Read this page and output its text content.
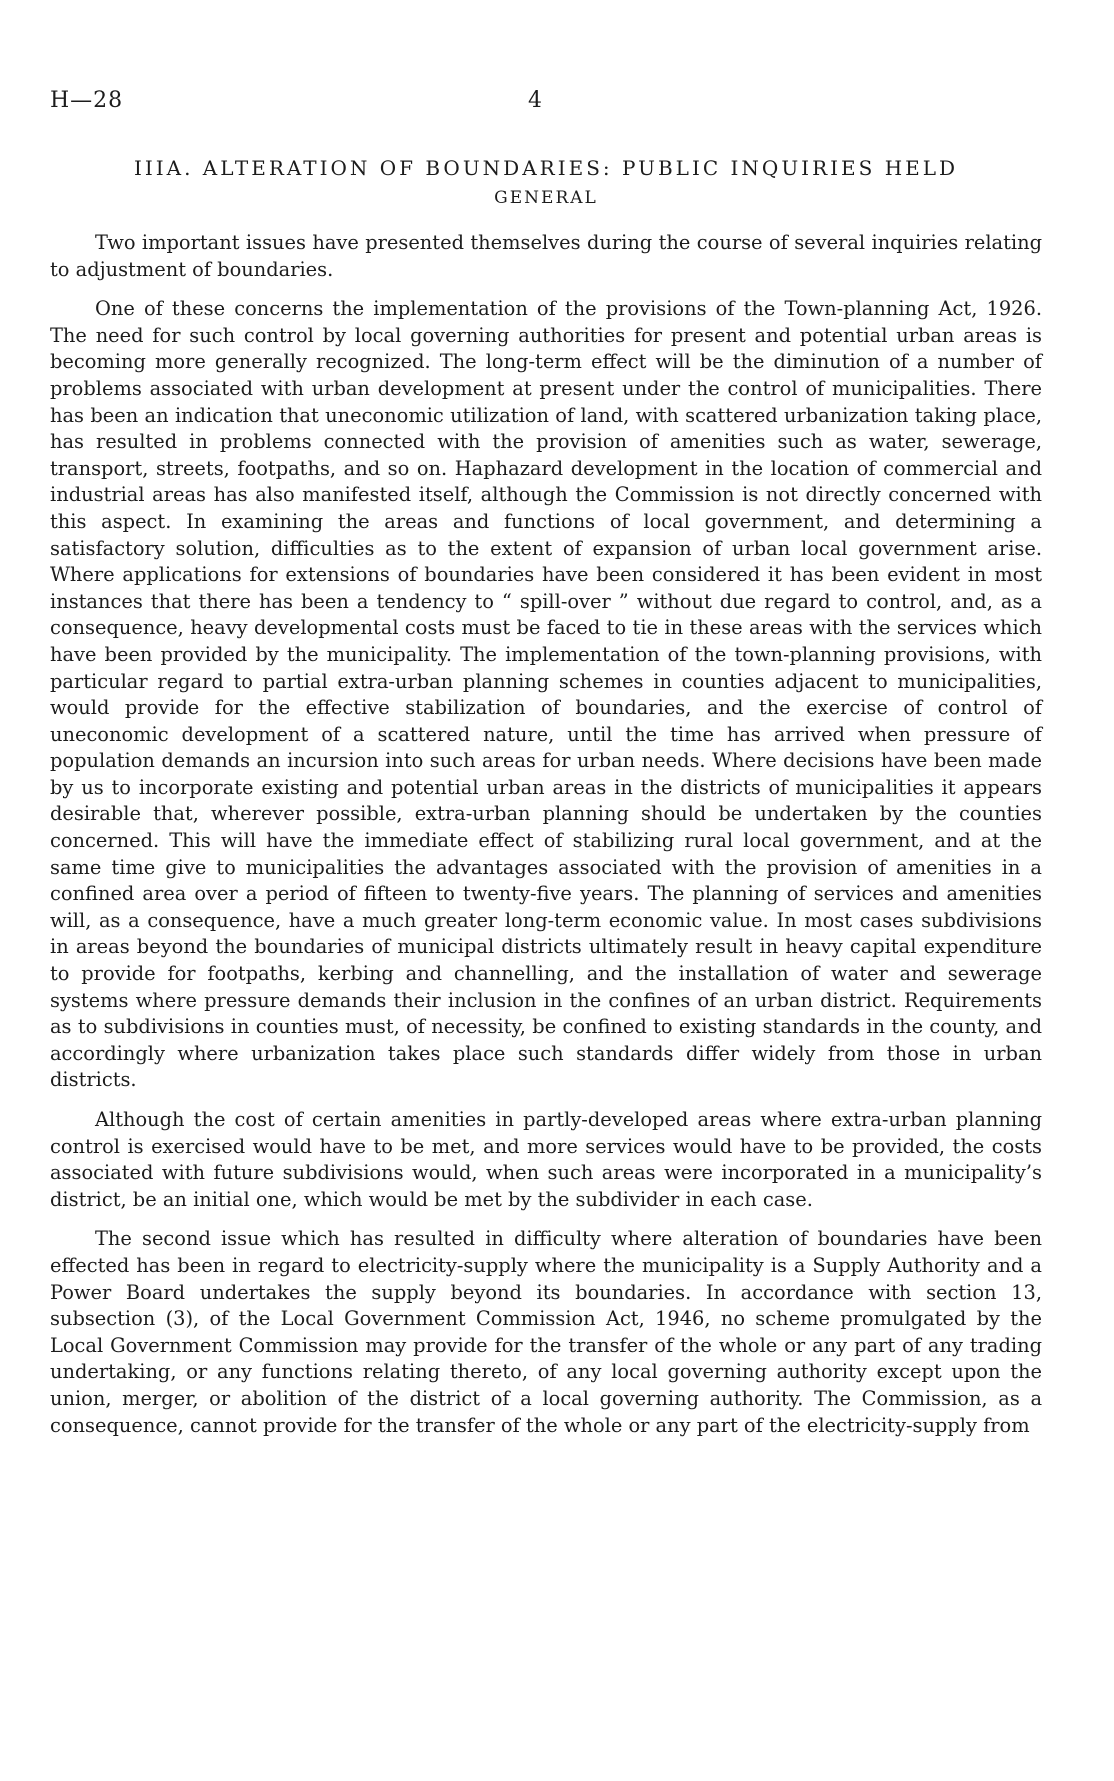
H—28	4
IIIA. ALTERATION OF BOUNDARIES: PUBLIC INQUIRIES HELD
GENERAL

Two important issues have presented themselves during the course of several inquiries relating to adjustment of boundaries.

One of these concerns the implementation of the provisions of the Town-planning Act, 1926. The need for such control by local governing authorities for present and potential urban areas is becoming more generally recognized. The long-term effect will be the diminution of a number of problems associated with urban development at present under the control of municipalities. There has been an indication that uneconomic utilization of land, with scattered urbanization taking place, has resulted in problems connected with the provision of amenities such as water, sewerage, transport, streets, footpaths, and so on. Haphazard development in the location of commercial and industrial areas has also manifested itself, although the Commission is not directly concerned with this aspect. In examining the areas and functions of local government, and determining a satisfactory solution, difficulties as to the extent of expansion of urban local government arise. Where applications for extensions of boundaries have been considered it has been evident in most instances that there has been a tendency to “ spill-over ” without due regard to control, and, as a consequence, heavy developmental costs must be faced to tie in these areas with the services which have been provided by the municipality. The implementation of the town-planning provisions, with particular regard to partial extra-urban planning schemes in counties adjacent to municipalities, would provide for the effective stabilization of boundaries, and the exercise of control of uneconomic development of a scattered nature, until the time has arrived when pressure of population demands an incursion into such areas for urban needs. Where decisions have been made by us to incorporate existing and potential urban areas in the districts of municipalities it appears desirable that, wherever possible, extra-urban planning should be undertaken by the counties concerned. This will have the immediate effect of stabilizing rural local government, and at the same time give to municipalities the advantages associated with the provision of amenities in a confined area over a period of fifteen to twenty-five years. The planning of services and amenities will, as a consequence, have a much greater long-term economic value. In most cases subdivisions in areas beyond the boundaries of municipal districts ultimately result in heavy capital expenditure to provide for footpaths, kerbing and channelling, and the installation of water and sewerage systems where pressure demands their inclusion in the confines of an urban district. Requirements as to subdivisions in counties must, of necessity, be confined to existing standards in the county, and accordingly where urbanization takes place such standards differ widely from those in urban districts.

Although the cost of certain amenities in partly-developed areas where extra-urban planning control is exercised would have to be met, and more services would have to be provided, the costs associated with future subdivisions would, when such areas were incorporated in a municipality’s district, be an initial one, which would be met by the subdivider in each case.

The second issue which has resulted in difficulty where alteration of boundaries have been effected has been in regard to electricity-supply where the municipality is a Supply Authority and a Power Board undertakes the supply beyond its boundaries. In accordance with section 13, subsection (3), of the Local Government Commission Act, 1946, no scheme promulgated by the Local Government Commission may provide for the transfer of the whole or any part of any trading undertaking, or any functions relating thereto, of any local governing authority except upon the union, merger, or abolition of the district of a local governing authority. The Commission, as a consequence, cannot provide for the transfer of the whole or any part of the electricity-supply from
